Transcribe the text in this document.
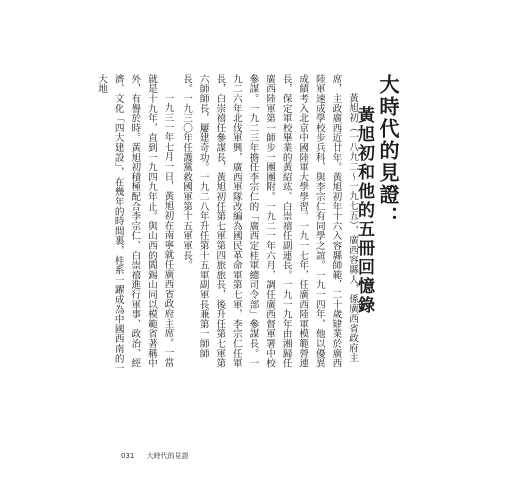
大時代的見證：
黃旭初和他的五冊回憶錄

黃旭初（一八九二～一九七五），廣西容縣人，係廣西省政府主席，主政廣西近廿年。黃旭初年十六入容縣師範，二十歲肄業於廣西陸軍速成學校步兵科，與李宗仁有同學之誼。一九一四年，他以優異成績考入北京中國陸軍大學學習。一九一七年，任廣西陸軍模範營連長，保定軍校畢業的黃紹竑、白崇禧任副連長。一九一九年由湘歸任廣西陸軍第一師步一團團附。一九二一年六月，調任廣西督軍署中校參謀。一九二三年擔任李宗仁的「廣西定桂軍總司令部」參謀長。一九二六年北伐軍興，廣西軍隊改編為國民革命軍第七軍，李宗仁任軍長，白崇禧任參謀長，黃旭初任第七軍第四旅旅長，後升任第七軍第六師師長，屢建奇功。一九二八年升任第十五軍副軍長兼第一師師長。一九三〇年任護黨救國軍第十五軍軍長。

一九三一年七月一日，黃旭初在南寧就任廣西省政府主席。一當就是十九年，直到一九四九年止。與山西的閻錫山同以模範省著稱中外，有譽於時。黃旭初積極配合李宗仁、白崇禧進行軍事、政治、經濟、文化「四大建設」，在幾年的時間裏，桂系一躍成為中國西南的一大地

031 大時代的見證
